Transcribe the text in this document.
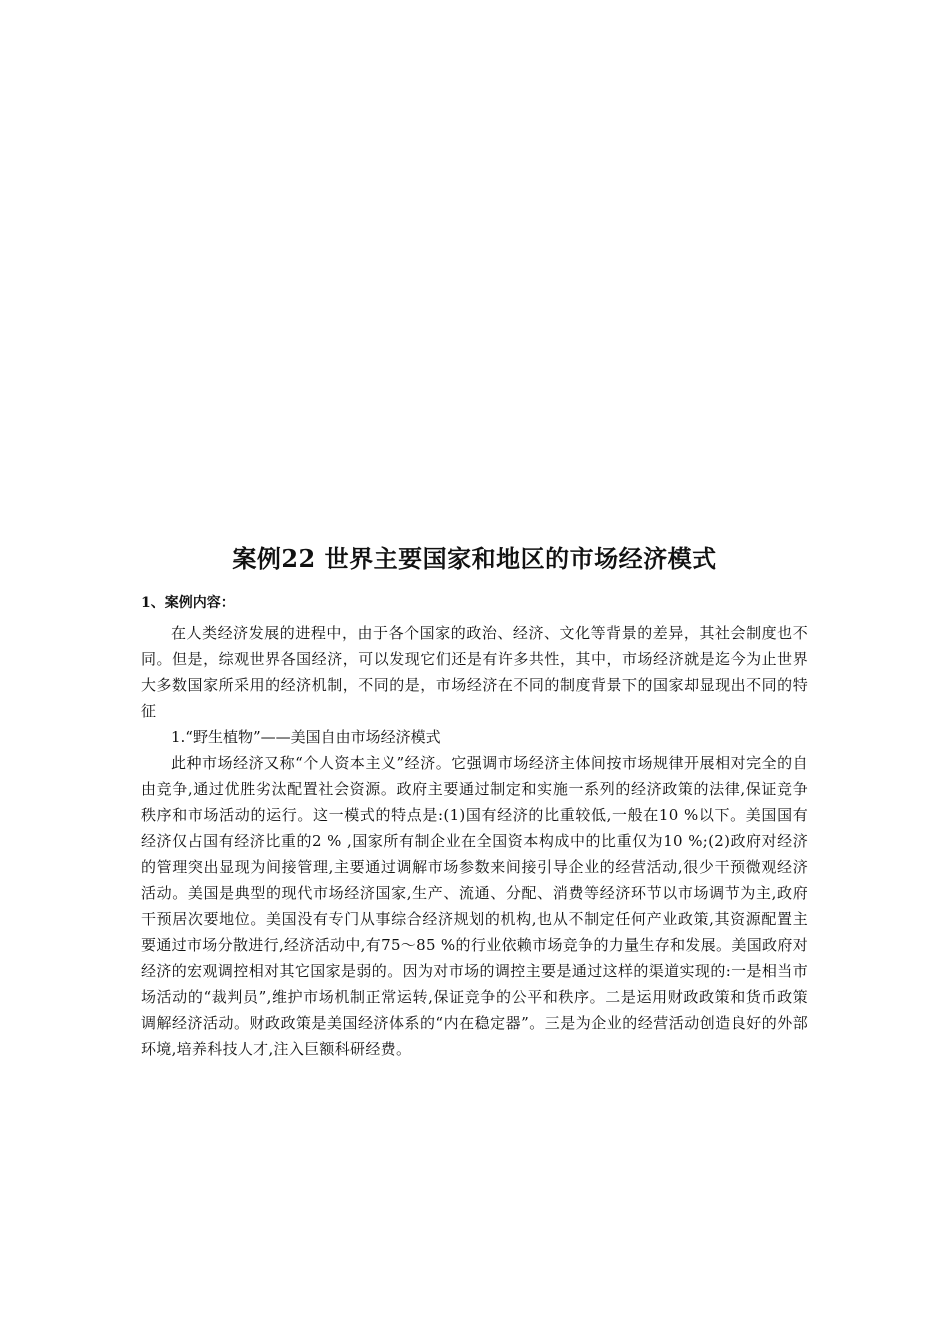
案例22 世界主要国家和地区的市场经济模式
1、案例内容：

在人类经济发展的进程中，由于各个国家的政治、经济、文化等背景的差异，其社会制度也不同。但是，综观世界各国经济，可以发现它们还是有许多共性，其中，市场经济就是迄今为止世界大多数国家所采用的经济机制，不同的是，市场经济在不同的制度背景下的国家却显现出不同的特征

1.“野生植物”——美国自由市场经济模式

此种市场经济又称“个人资本主义”经济。它强调市场经济主体间按市场规律开展相对完全的自由竞争,通过优胜劣汰配置社会资源。政府主要通过制定和实施一系列的经济政策的法律,保证竞争秩序和市场活动的运行。这一模式的特点是:(1)国有经济的比重较低,一般在10 %以下。美国国有经济仅占国有经济比重的2 % ,国家所有制企业在全国资本构成中的比重仅为10 %;(2)政府对经济的管理突出显现为间接管理,主要通过调解市场参数来间接引导企业的经营活动,很少干预微观经济活动。美国是典型的现代市场经济国家,生产、流通、分配、消费等经济环节以市场调节为主,政府干预居次要地位。美国没有专门从事综合经济规划的机构,也从不制定任何产业政策,其资源配置主要通过市场分散进行,经济活动中,有75～85 %的行业依赖市场竞争的力量生存和发展。美国政府对经济的宏观调控相对其它国家是弱的。因为对市场的调控主要是通过这样的渠道实现的:一是相当市场活动的“裁判员”,维护市场机制正常运转,保证竞争的公平和秩序。二是运用财政政策和货币政策调解经济活动。财政政策是美国经济体系的“内在稳定器”。三是为企业的经营活动创造良好的外部环境,培养科技人才,注入巨额科研经费。
